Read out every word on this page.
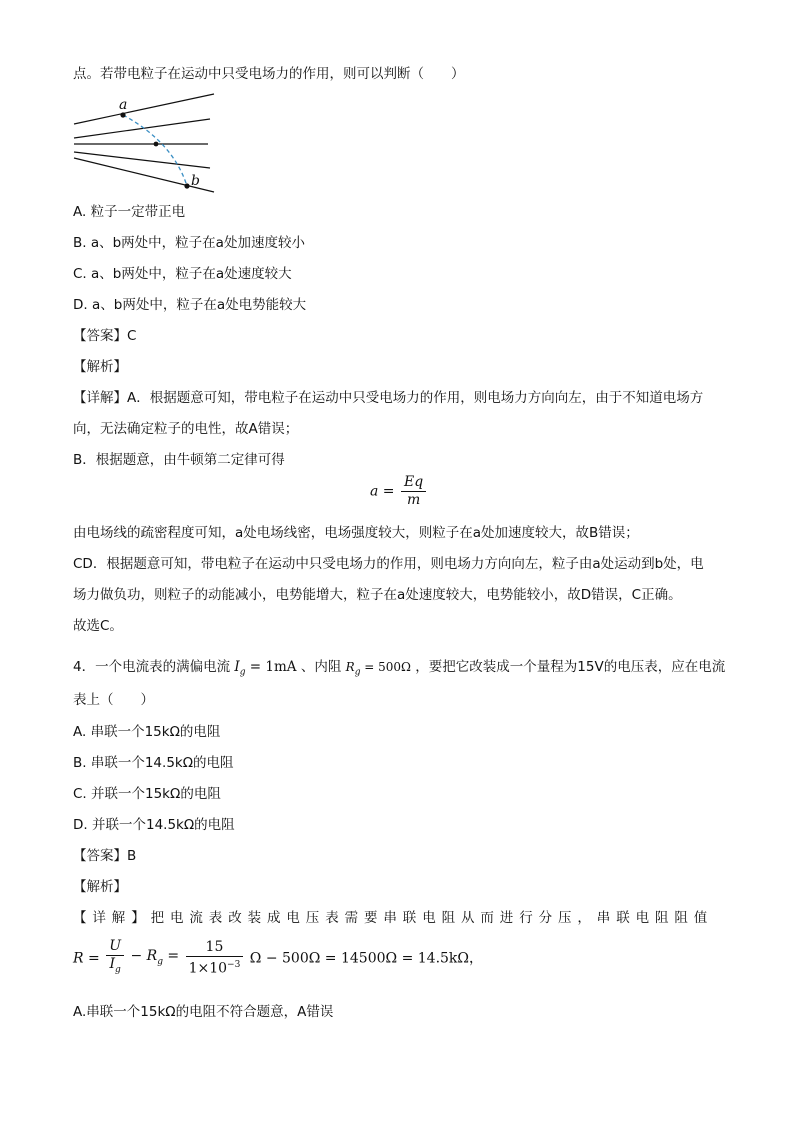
点。若带电粒子在运动中只受电场力的作用，则可以判断（　　）
a
b
A. 粒子一定带正电
B. a、b两处中，粒子在a处加速度较小
C. a、b两处中，粒子在a处速度较大
D. a、b两处中，粒子在a处电势能较大
【答案】C
【解析】
【详解】A．根据题意可知，带电粒子在运动中只受电场力的作用，则电场力方向向左，由于不知道电场方
向，无法确定粒子的电性，故A错误；
B．根据题意，由牛顿第二定律可得
$a = \frac{Eq}{m}$
由电场线的疏密程度可知，a处电场线密，电场强度较大，则粒子在a处加速度较大，故B错误；
CD．根据题意可知，带电粒子在运动中只受电场力的作用，则电场力方向向左，粒子由a处运动到b处，电
场力做负功，则粒子的动能减小，电势能增大，粒子在a处速度较大，电势能较小，故D错误，C正确。
故选C。
4．一个电流表的满偏电流 $I_g = 1mA$ 、内阻 $R_g = 500\Omega$ ，要把它改装成一个量程为15V的电压表，应在电流
表上（　　）
A. 串联一个15kΩ的电阻
B. 串联一个14.5kΩ的电阻
C. 并联一个15kΩ的电阻
D. 并联一个14.5kΩ的电阻
【答案】B
【解析】
【详解】把电流表改装成电压表需要串联电阻从而进行分压，串联电阻阻值
$R = \frac{U}{I_g} - R_g = \frac{15}{1\times 10^{-3}}$ Ω − 500Ω = 14500Ω = 14.5kΩ，
A.串联一个15kΩ的电阻不符合题意，A错误
